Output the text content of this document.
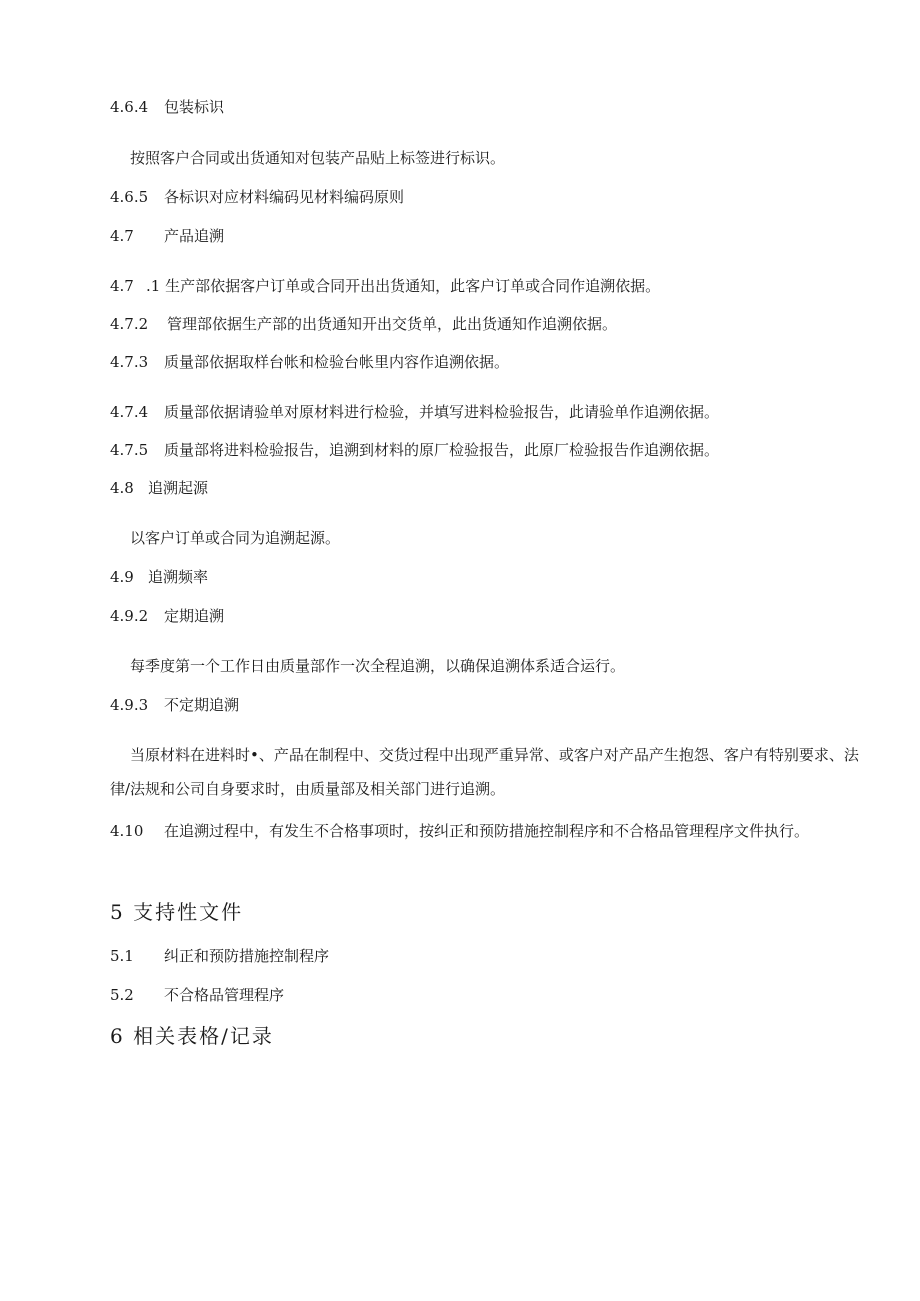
4.6.4 包装标识
按照客户合同或出货通知对包装产品贴上标签进行标识。
4.6.5 各标识对应材料编码见材料编码原则
4.7 产品追溯
4.7 .1 生产部依据客户订单或合同开出出货通知，此客户订单或合同作追溯依据。
4.7.2 管理部依据生产部的出货通知开出交货单，此出货通知作追溯依据。
4.7.3 质量部依据取样台帐和检验台帐里内容作追溯依据。
4.7.4 质量部依据请验单对原材料进行检验，并填写进料检验报告，此请验单作追溯依据。
4.7.5 质量部将进料检验报告，追溯到材料的原厂检验报告，此原厂检验报告作追溯依据。
4.8 追溯起源
以客户订单或合同为追溯起源。
4.9 追溯频率
4.9.2 定期追溯
每季度第一个工作日由质量部作一次全程追溯，以确保追溯体系适合运行。
4.9.3 不定期追溯
当原材料在进料时•、产品在制程中、交货过程中出现严重异常、或客户对产品产生抱怨、客户有特别要求、法律/法规和公司自身要求时，由质量部及相关部门进行追溯。
4.10 在追溯过程中，有发生不合格事项时，按纠正和预防措施控制程序和不合格品管理程序文件执行。
5 支持性文件
5.1 纠正和预防措施控制程序
5.2 不合格品管理程序
6 相关表格/记录
